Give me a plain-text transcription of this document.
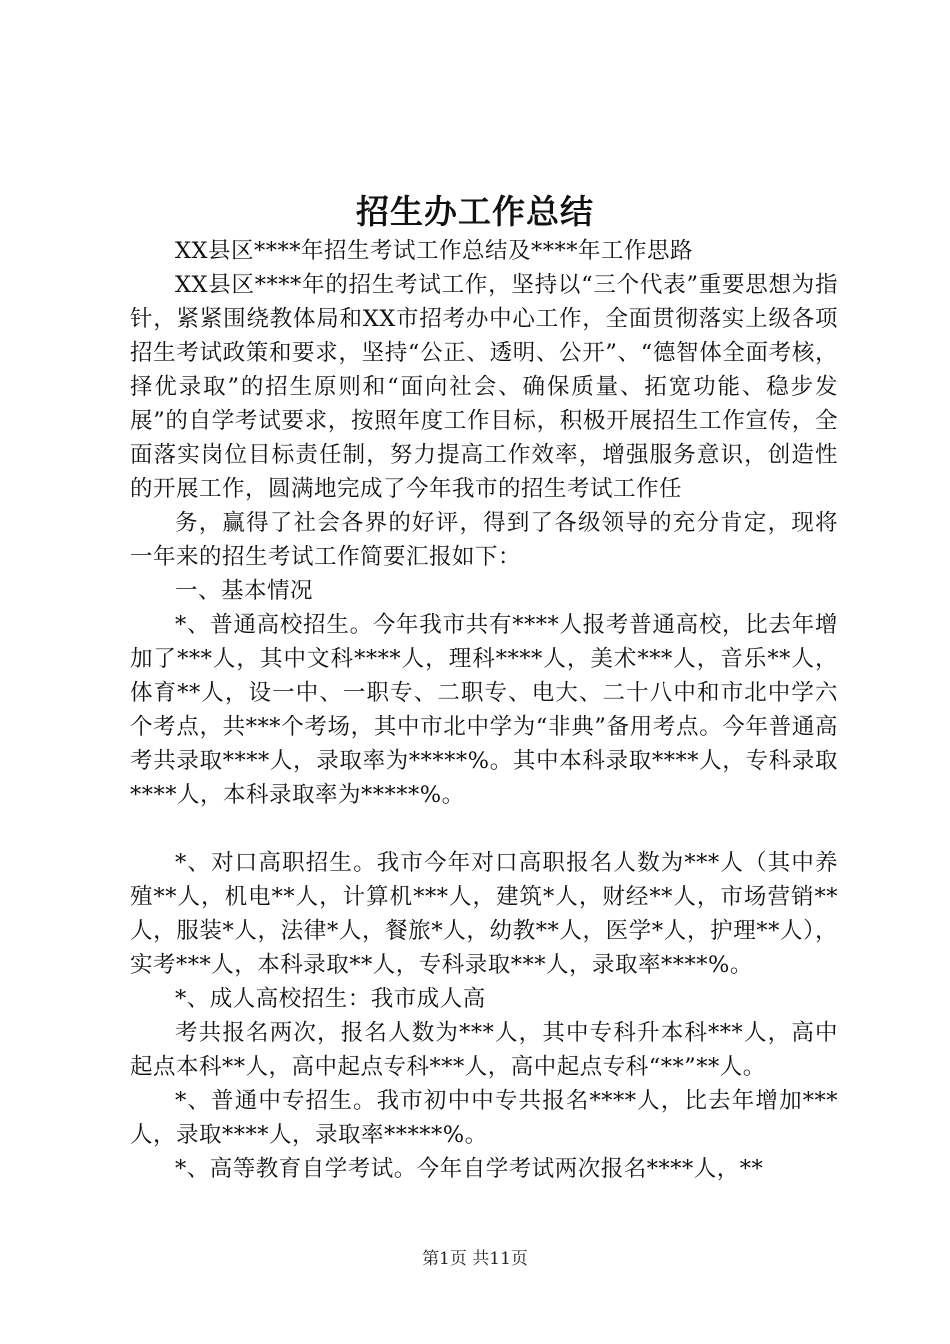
招生办工作总结

XX县区****年招生考试工作总结及****年工作思路

XX县区****年的招生考试工作，坚持以“三个代表”重要思想为指针，紧紧围绕教体局和XX市招考办中心工作，全面贯彻落实上级各项招生考试政策和要求，坚持“公正、透明、公开”、“德智体全面考核，择优录取”的招生原则和“面向社会、确保质量、拓宽功能、稳步发展”的自学考试要求，按照年度工作目标，积极开展招生工作宣传，全面落实岗位目标责任制，努力提高工作效率，增强服务意识，创造性的开展工作，圆满地完成了今年我市的招生考试工作任

务，赢得了社会各界的好评，得到了各级领导的充分肯定，现将一年来的招生考试工作简要汇报如下：

一、基本情况

*、普通高校招生。今年我市共有****人报考普通高校，比去年增加了***人，其中文科****人，理科****人，美术***人，音乐**人，体育**人，设一中、一职专、二职专、电大、二十八中和市北中学六个考点，共***个考场，其中市北中学为“非典”备用考点。今年普通高考共录取****人，录取率为*****%。其中本科录取****人，专科录取****人，本科录取率为*****%。

*、对口高职招生。我市今年对口高职报名人数为***人（其中养殖**人，机电**人，计算机***人，建筑*人，财经**人，市场营销**人，服装*人，法律*人，餐旅*人，幼教**人，医学*人，护理**人），实考***人，本科录取**人，专科录取***人，录取率****%。

*、成人高校招生：我市成人高

考共报名两次，报名人数为***人，其中专科升本科***人，高中起点本科**人，高中起点专科***人，高中起点专科“**”**人。

*、普通中专招生。我市初中中专共报名****人，比去年增加***人，录取****人，录取率*****%。

*、高等教育自学考试。今年自学考试两次报名****人，**

第1页 共11页
